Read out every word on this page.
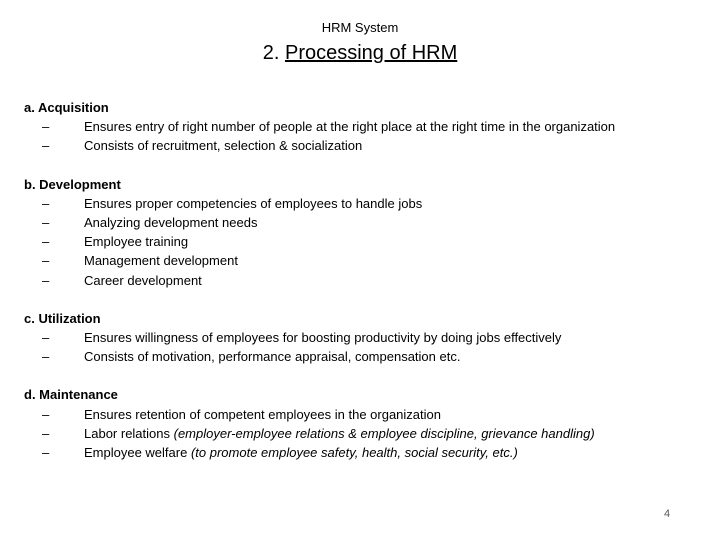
HRM System
2. Processing of HRM
a. Acquisition
–	Ensures entry of right number of people at the right place at the right time in the organization
–	Consists of recruitment, selection & socialization
b. Development
–	Ensures proper competencies of employees to handle jobs
–	Analyzing development needs
–	Employee training
–	Management development
–	Career development
c. Utilization
–	Ensures willingness of employees for boosting productivity by doing jobs effectively
–	Consists of motivation, performance appraisal, compensation etc.
d. Maintenance
–	Ensures retention of competent employees in the organization
–	Labor relations (employer-employee relations & employee discipline, grievance handling)
–	Employee welfare (to promote employee safety, health, social security, etc.)
4
